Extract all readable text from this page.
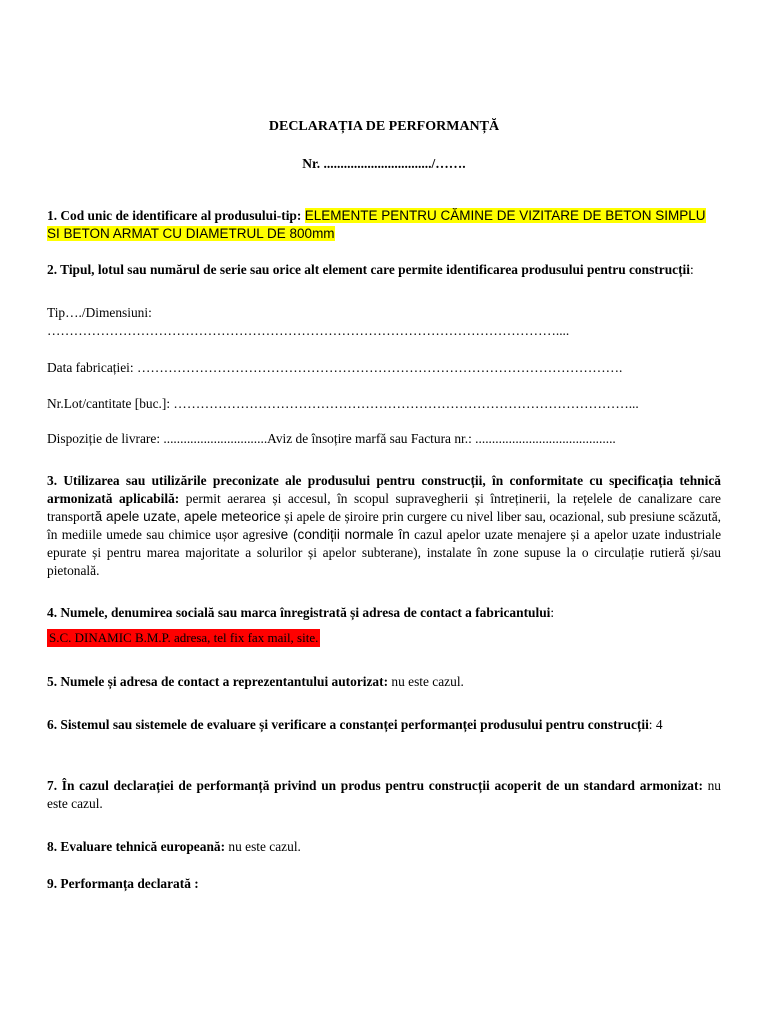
DECLARAȚIA DE PERFORMANȚĂ
Nr. ................................/…….
1. Cod unic de identificare al produsului-tip: ELEMENTE PENTRU CĂMINE DE VIZITARE DE BETON SIMPLU SI BETON ARMAT CU DIAMETRUL DE 800mm
2. Tipul, lotul sau numărul de serie sau orice alt element care permite identificarea produsului pentru construcții:
Tip…./Dimensiuni:
……………………………………………………………………………………………………....
Data fabricației: ……………………………………………………………………………………………….
Nr.Lot/cantitate [buc.]: …………………………………………………………………………………………...
Dispoziție de livrare: ...............................Aviz de însoțire marfă sau Factura nr.: ..........................................
3. Utilizarea sau utilizările preconizate ale produsului pentru construcții, în conformitate cu specificația tehnică armonizată aplicabilă: permit aerarea și accesul, în scopul supravegherii și întreținerii, la rețelele de canalizare care transportă apele uzate, apele meteorice și apele de șiroire prin curgere cu nivel liber sau, ocazional, sub presiune scăzută, în mediile umede sau chimice ușor agresive (condiții normale în cazul apelor uzate menajere și a apelor uzate industriale epurate și pentru marea majoritate a solurilor și apelor subterane), instalate în zone supuse la o circulație rutieră și/sau pietonală.
4. Numele, denumirea socială sau marca înregistrată și adresa de contact a fabricantului:
S.C. DINAMIC B.M.P. adresa, tel fix fax mail, site.
5. Numele și adresa de contact a reprezentantului autorizat: nu este cazul.
6. Sistemul sau sistemele de evaluare și verificare a constanței performanței produsului pentru construcții: 4
7. În cazul declarației de performanță privind un produs pentru construcții acoperit de un standard armonizat: nu este cazul.
8. Evaluare tehnică europeană: nu este cazul.
9. Performanța declarată :
